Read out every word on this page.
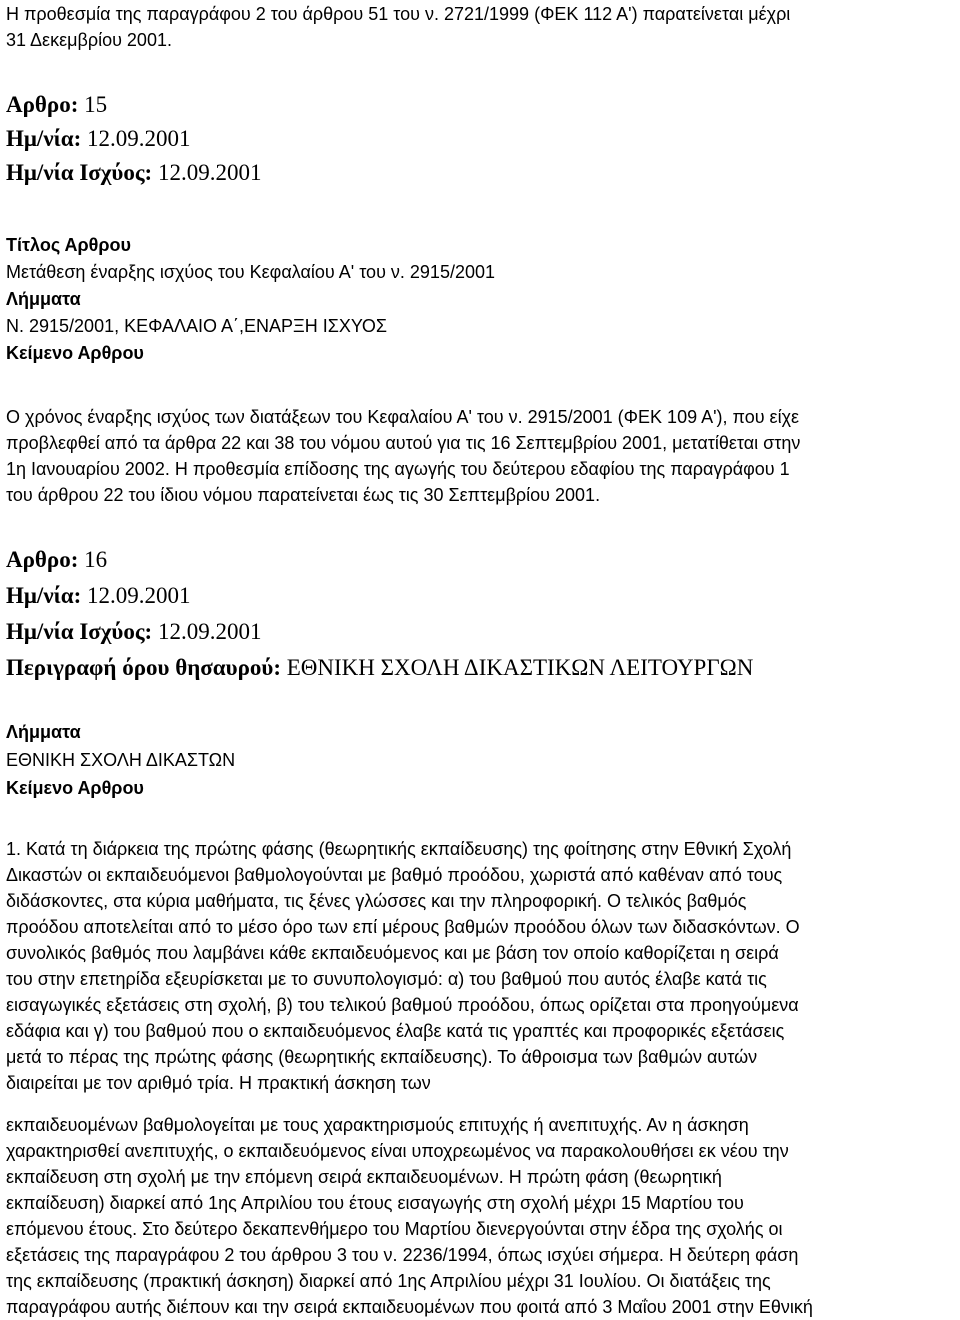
Η προθεσμία της παραγράφου 2 του άρθρου 51 του ν. 2721/1999 (ΦΕΚ 112 Α') παρατείνεται μέχρι
31 Δεκεμβρίου 2001.
Αρθρο: 15
Ημ/νία: 12.09.2001
Ημ/νία Ισχύος: 12.09.2001
Τίτλος Αρθρου
Μετάθεση έναρξης ισχύος του Κεφαλαίου Α' του ν. 2915/2001
Λήμματα
Ν. 2915/2001, ΚΕΦΑΛΑΙΟ Α΄,ΕΝΑΡΞΗ ΙΣΧΥΟΣ
Κείμενο Αρθρου
Ο χρόνος έναρξης ισχύος των διατάξεων του Κεφαλαίου Α' του ν. 2915/2001 (ΦΕΚ 109 Α'), που είχε
προβλεφθεί από τα άρθρα 22 και 38 του νόμου αυτού για τις 16 Σεπτεμβρίου 2001, μετατίθεται στην
1η Ιανουαρίου 2002. Η προθεσμία επίδοσης της αγωγής του δεύτερου εδαφίου της παραγράφου 1
του άρθρου 22 του ίδιου νόμου παρατείνεται έως τις 30 Σεπτεμβρίου 2001.
Αρθρο: 16
Ημ/νία: 12.09.2001
Ημ/νία Ισχύος: 12.09.2001
Περιγραφή όρου θησαυρού: ΕΘΝΙΚΗ ΣΧΟΛΗ ΔΙΚΑΣΤΙΚΩΝ ΛΕΙΤΟΥΡΓΩΝ
Λήμματα
ΕΘΝΙΚΗ ΣΧΟΛΗ ΔΙΚΑΣΤΩΝ
Κείμενο Αρθρου
1. Κατά τη διάρκεια της πρώτης φάσης (θεωρητικής εκπαίδευσης) της φοίτησης στην Εθνική Σχολή
Δικαστών οι εκπαιδευόμενοι βαθμολογούνται με βαθμό προόδου, χωριστά από καθέναν από τους
διδάσκοντες, στα κύρια μαθήματα, τις ξένες γλώσσες και την πληροφορική. Ο τελικός βαθμός
προόδου αποτελείται από το μέσο όρο των επί μέρους βαθμών προόδου όλων των διδασκόντων. Ο
συνολικός βαθμός που λαμβάνει κάθε εκπαιδευόμενος και με βάση τον οποίο καθορίζεται η σειρά
του στην επετηρίδα εξευρίσκεται με το συνυπολογισμό: α) του βαθμού που αυτός έλαβε κατά τις
εισαγωγικές εξετάσεις στη σχολή, β) του τελικού βαθμού προόδου, όπως ορίζεται στα προηγούμενα
εδάφια και γ) του βαθμού που ο εκπαιδευόμενος έλαβε κατά τις γραπτές και προφορικές εξετάσεις
μετά το πέρας της πρώτης φάσης (θεωρητικής εκπαίδευσης). Το άθροισμα των βαθμών αυτών
διαιρείται με τον αριθμό τρία. Η πρακτική άσκηση των
εκπαιδευομένων βαθμολογείται με τους χαρακτηρισμούς επιτυχής ή ανεπιτυχής. Αν η άσκηση
χαρακτηρισθεί ανεπιτυχής, ο εκπαιδευόμενος είναι υποχρεωμένος να παρακολουθήσει εκ νέου την
εκπαίδευση στη σχολή με την επόμενη σειρά εκπαιδευομένων. Η πρώτη φάση (θεωρητική
εκπαίδευση) διαρκεί από 1ης Απριλίου του έτους εισαγωγής στη σχολή μέχρι 15 Μαρτίου του
επόμενου έτους. Στο δεύτερο δεκαπενθήμερο του Μαρτίου διενεργούνται στην έδρα της σχολής οι
εξετάσεις της παραγράφου 2 του άρθρου 3 του ν. 2236/1994, όπως ισχύει σήμερα. Η δεύτερη φάση
της εκπαίδευσης (πρακτική άσκηση) διαρκεί από 1ης Απριλίου μέχρι 31 Ιουλίου. Οι διατάξεις της
παραγράφου αυτής διέπουν και την σειρά εκπαιδευομένων που φοιτά από 3 Μαΐου 2001 στην Εθνική
